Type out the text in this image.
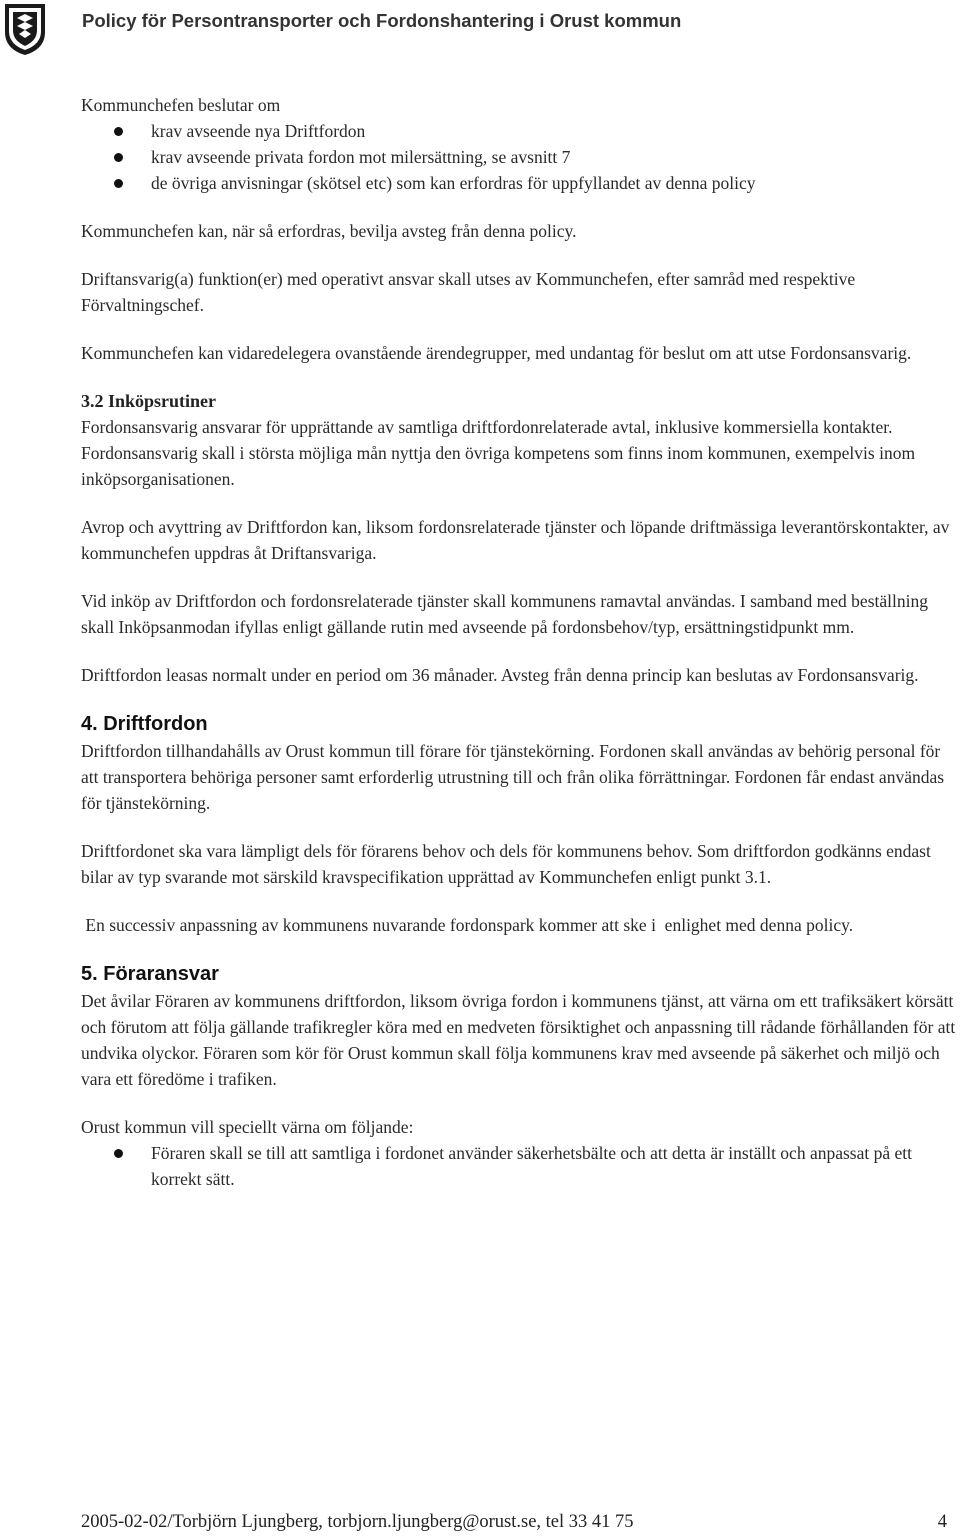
Policy för Persontransporter och Fordonshantering i Orust kommun

Kommunchefen beslutar om

krav avseende nya Driftfordon
krav avseende privata fordon mot milersättning, se avsnitt 7
de övriga anvisningar (skötsel etc) som kan erfordras för uppfyllandet av denna policy

Kommunchefen kan, när så erfordras, bevilja avsteg från denna policy.

Driftansvarig(a) funktion(er) med operativt ansvar skall utses av Kommunchefen, efter samråd med respektive Förvaltningschef.

Kommunchefen kan vidaredelegera ovanstående ärendegrupper, med undantag för beslut om att utse Fordonsansvarig.

3.2 Inköpsrutiner

Fordonsansvarig ansvarar för upprättande av samtliga driftfordonrelaterade avtal, inklusive kommersiella kontakter. Fordonsansvarig skall i största möjliga mån nyttja den övriga kompetens som finns inom kommunen, exempelvis inom inköpsorganisationen.

Avrop och avyttring av Driftfordon kan, liksom fordonsrelaterade tjänster och löpande driftmässiga leverantörskontakter, av kommunchefen uppdras åt Driftansvariga.

Vid inköp av Driftfordon och fordonsrelaterade tjänster skall kommunens ramavtal användas. I samband med beställning skall Inköpsanmodan ifyllas enligt gällande rutin med avseende på fordonsbehov/typ, ersättningstidpunkt mm.

Driftfordon leasas normalt under en period om 36 månader. Avsteg från denna princip kan beslutas av Fordonsansvarig.

4. Driftfordon

Driftfordon tillhandahålls av Orust kommun till förare för tjänstekörning. Fordonen skall användas av behörig personal för att transportera behöriga personer samt erforderlig utrustning till och från olika förrättningar. Fordonen får endast användas för tjänstekörning.

Driftfordonet ska vara lämpligt dels för förarens behov och dels för kommunens behov. Som driftfordon godkänns endast bilar av typ svarande mot särskild kravspecifikation upprättad av Kommunchefen enligt punkt 3.1.

En successiv anpassning av kommunens nuvarande fordonspark kommer att ske i  enlighet med denna policy.

5. Föraransvar

Det åvilar Föraren av kommunens driftfordon, liksom övriga fordon i kommunens tjänst, att värna om ett trafiksäkert körsätt och förutom att följa gällande trafikregler köra med en medveten försiktighet och anpassning till rådande förhållanden för att undvika olyckor. Föraren som kör för Orust kommun skall följa kommunens krav med avseende på säkerhet och miljö och vara ett föredöme i trafiken.

Orust kommun vill speciellt värna om följande:

Föraren skall se till att samtliga i fordonet använder säkerhetsbälte och att detta är inställt och anpassat på ett korrekt sätt.
2005-02-02/Torbjörn Ljungberg, torbjorn.ljungberg@orust.se, tel 33 41 75	4
